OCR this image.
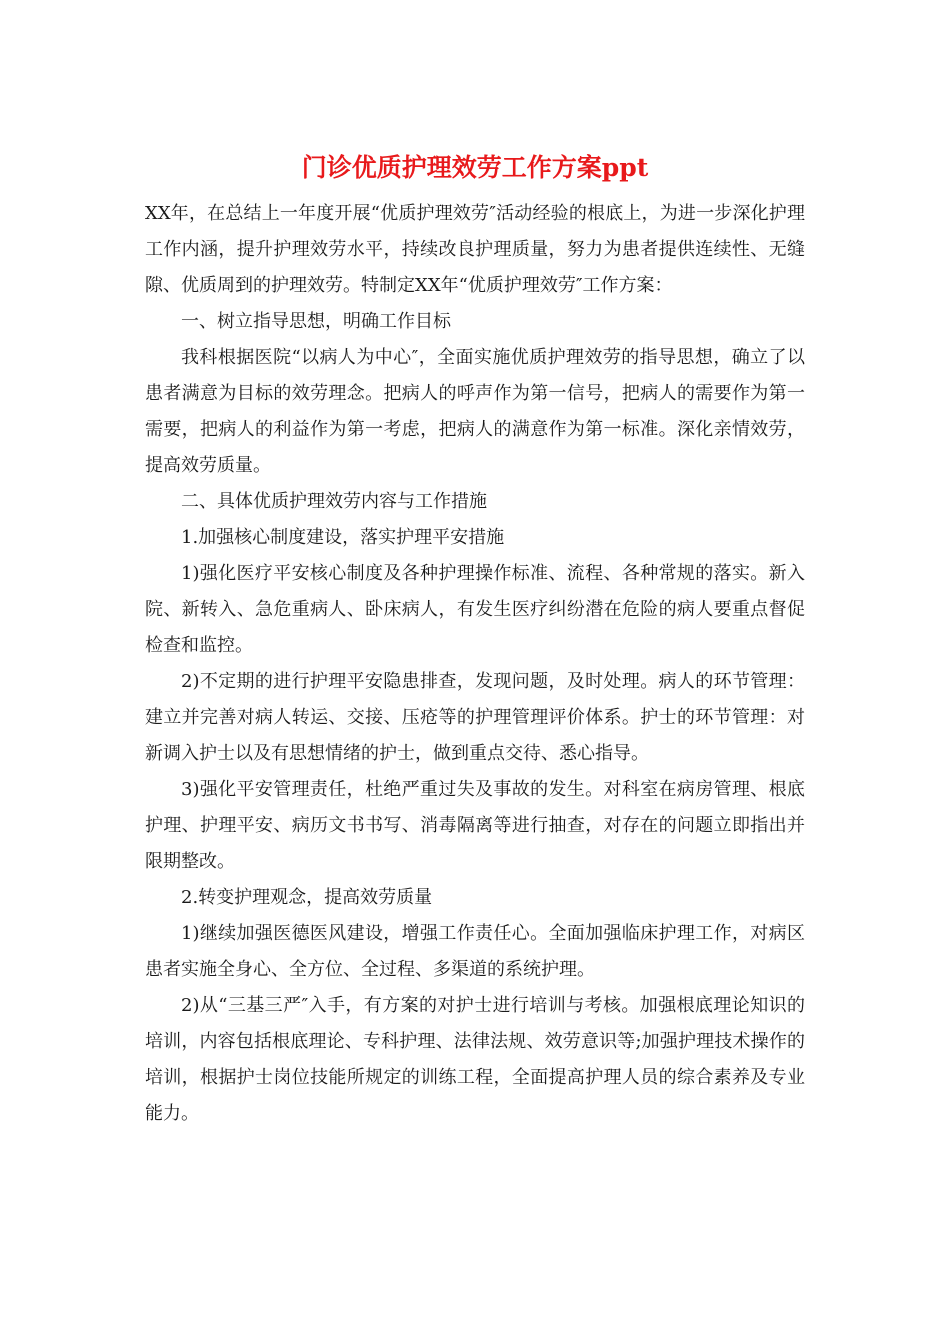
门诊优质护理效劳工作方案ppt

XX年，在总结上一年度开展“优质护理效劳″活动经验的根底上，为进一步深化护理工作内涵，提升护理效劳水平，持续改良护理质量，努力为患者提供连续性、无缝隙、优质周到的护理效劳。特制定XX年“优质护理效劳″工作方案：

一、树立指导思想，明确工作目标

我科根据医院“以病人为中心″，全面实施优质护理效劳的指导思想，确立了以患者满意为目标的效劳理念。把病人的呼声作为第一信号，把病人的需要作为第一需要，把病人的利益作为第一考虑，把病人的满意作为第一标准。深化亲情效劳，提高效劳质量。

二、具体优质护理效劳内容与工作措施

1.加强核心制度建设，落实护理平安措施

1)强化医疗平安核心制度及各种护理操作标准、流程、各种常规的落实。新入院、新转入、急危重病人、卧床病人，有发生医疗纠纷潜在危险的病人要重点督促检查和监控。

2)不定期的进行护理平安隐患排查，发现问题，及时处理。病人的环节管理：建立并完善对病人转运、交接、压疮等的护理管理评价体系。护士的环节管理：对新调入护士以及有思想情绪的护士，做到重点交待、悉心指导。

3)强化平安管理责任，杜绝严重过失及事故的发生。对科室在病房管理、根底护理、护理平安、病历文书书写、消毒隔离等进行抽查，对存在的问题立即指出并限期整改。

2.转变护理观念，提高效劳质量

1)继续加强医德医风建设，增强工作责任心。全面加强临床护理工作，对病区患者实施全身心、全方位、全过程、多渠道的系统护理。

2)从“三基三严″入手，有方案的对护士进行培训与考核。加强根底理论知识的培训，内容包括根底理论、专科护理、法律法规、效劳意识等;加强护理技术操作的培训，根据护士岗位技能所规定的训练工程，全面提高护理人员的综合素养及专业能力。
